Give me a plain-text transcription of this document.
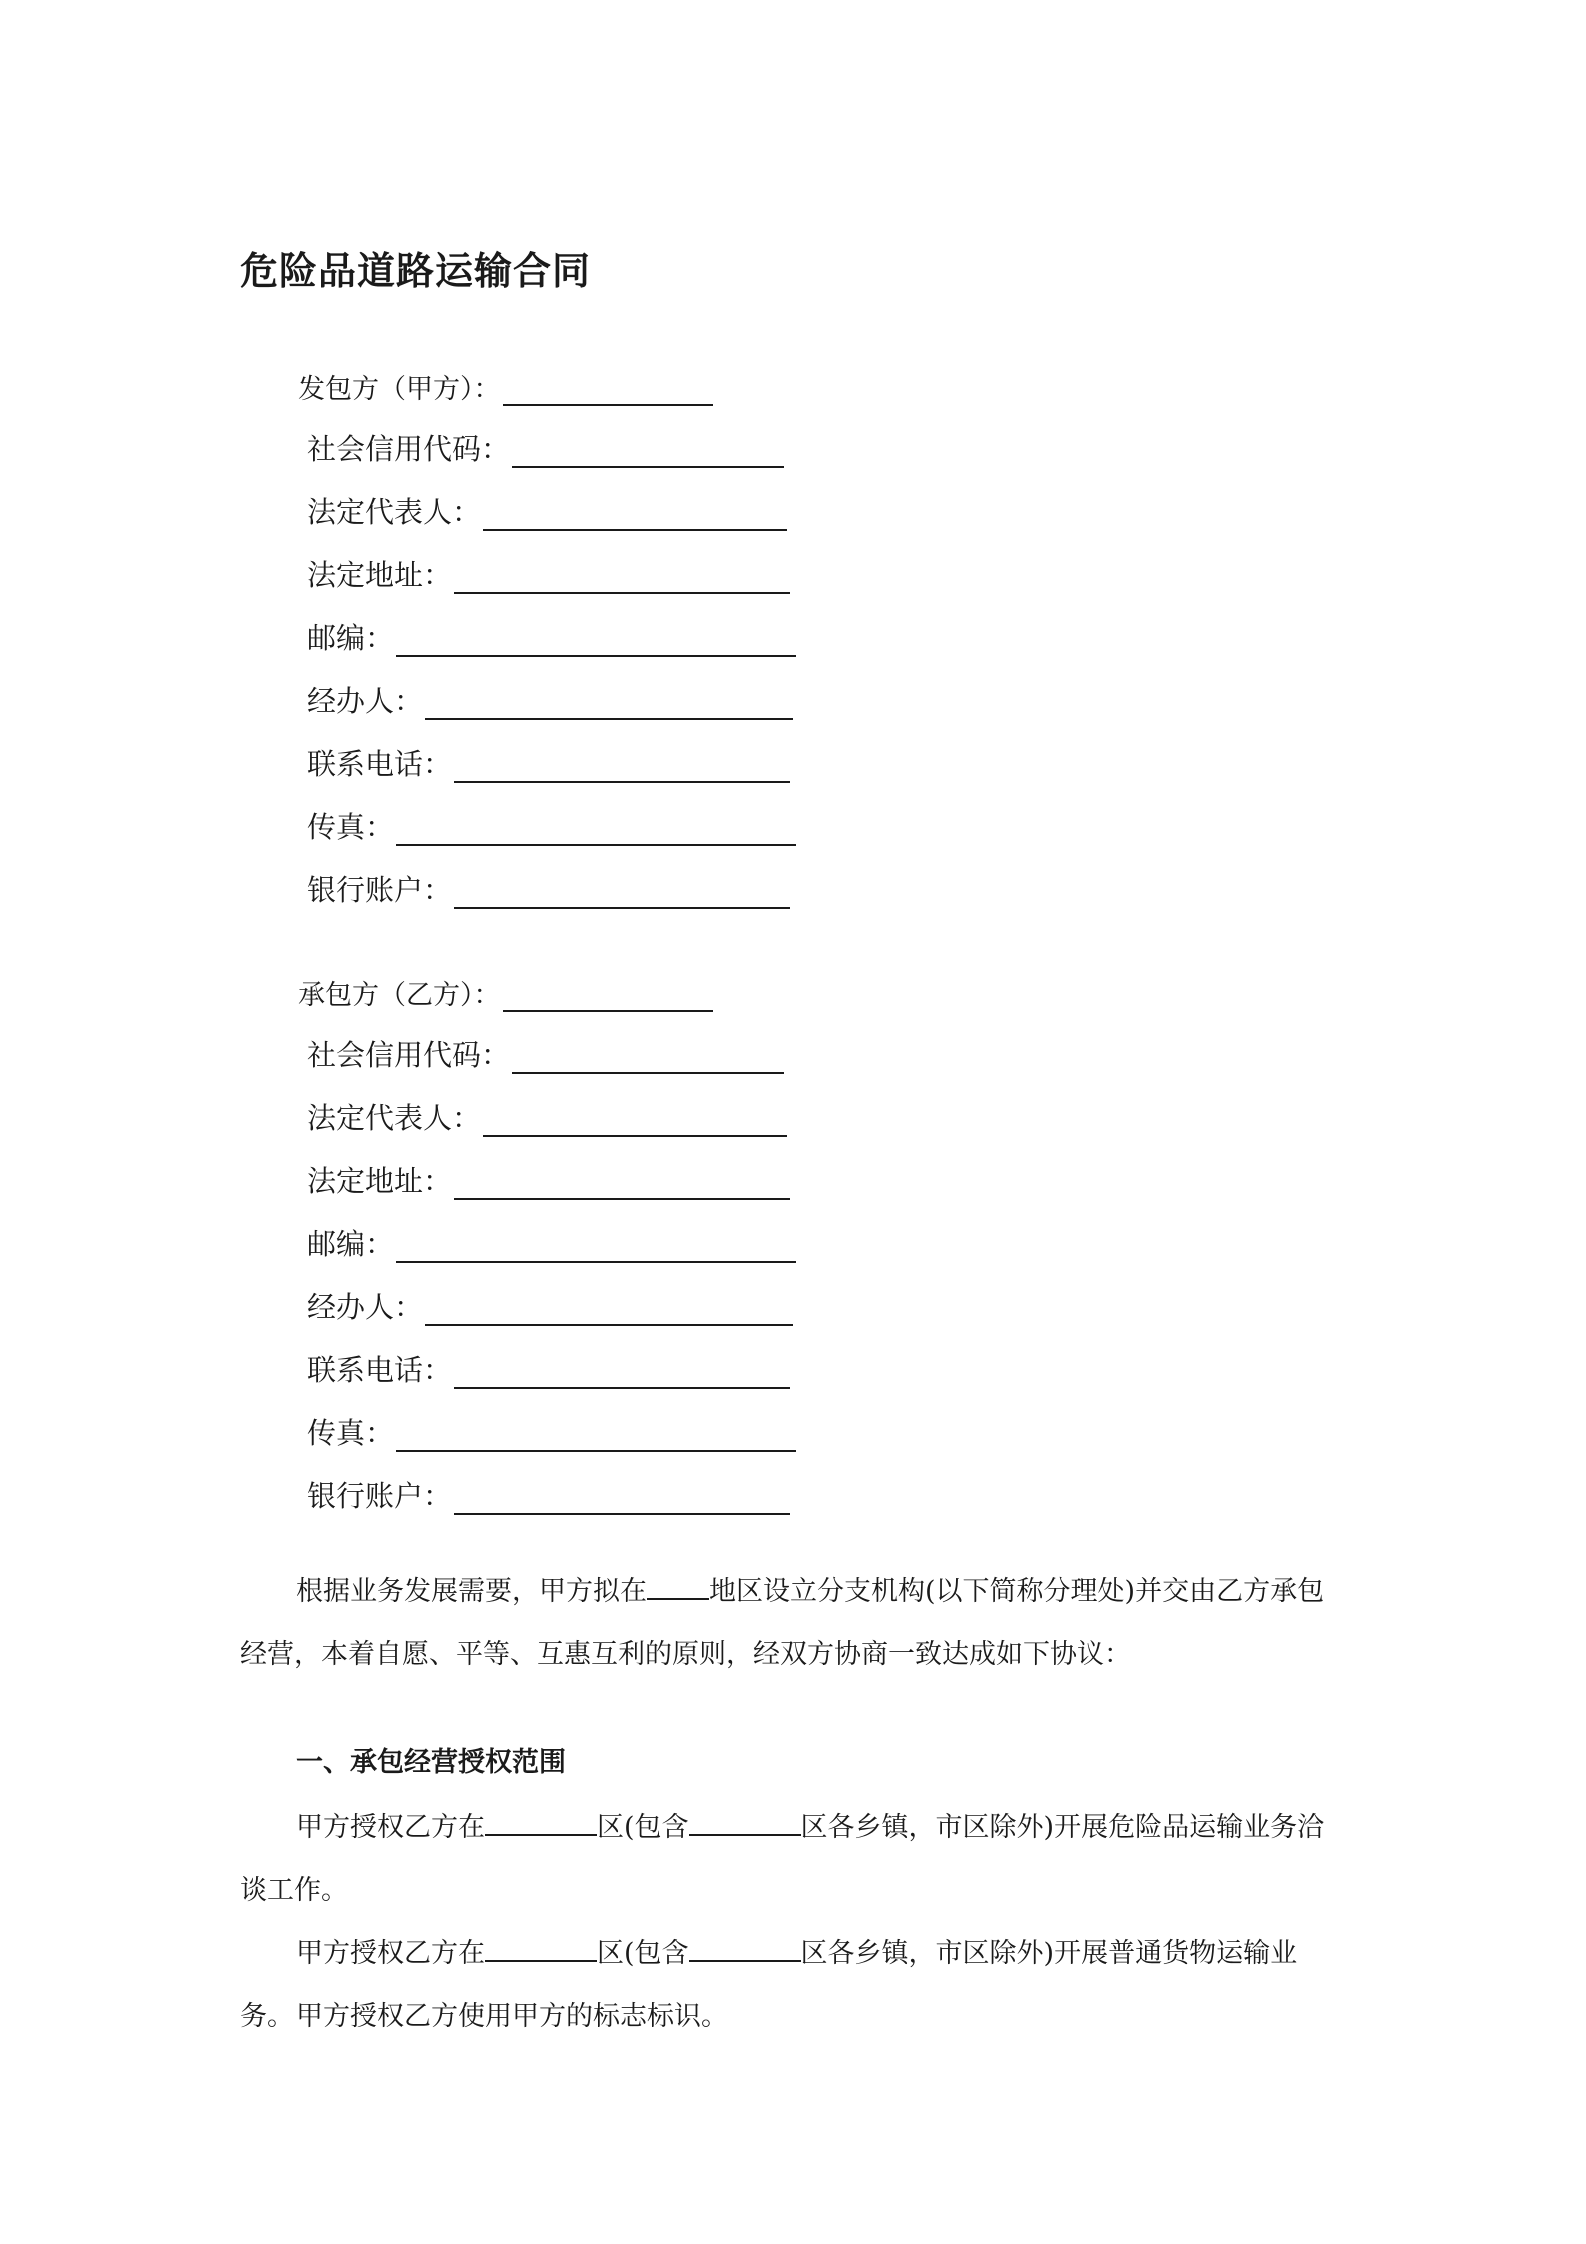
危险品道路运输合同
发包方（甲方）：
社会信用代码：
法定代表人：
法定地址：
邮编：
经办人：
联系电话：
传真：
银行账户：
承包方（乙方）：
社会信用代码：
法定代表人：
法定地址：
邮编：
经办人：
联系电话：
传真：
银行账户：

根据业务发展需要，甲方拟在 地区设立分支机构(以下简称分理处)并交由乙方承包经营，本着自愿、平等、互惠互利的原则，经双方协商一致达成如下协议：

一、承包经营授权范围

甲方授权乙方在	区(包含	区各乡镇，市区除外)开展危险品运输业务洽谈工作。

甲方授权乙方在	区(包含	区各乡镇，市区除外)开展普通货物运输业务。 甲方授权乙方使用甲方的标志标识。
